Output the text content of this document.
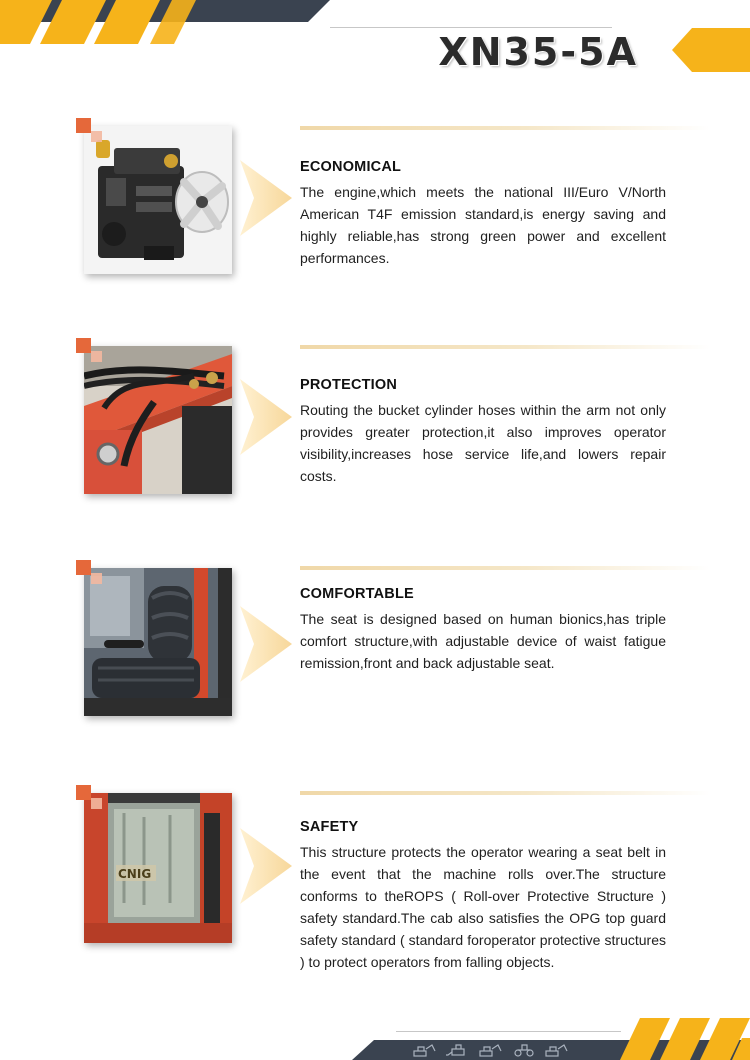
XN35-5A
ECONOMICAL
The engine,which meets the national III/Euro V/North American T4F emission standard,is energy saving and highly reliable,has strong green power and excellent performances.
PROTECTION
Routing the bucket cylinder hoses within the arm not only provides greater protection,it also improves operator visibility,increases hose service life,and lowers repair costs.
COMFORTABLE
The seat is designed based on human bionics,has triple comfort structure,with adjustable device of waist fatigue remission,front and back adjustable seat.
CNIG
SAFETY
This structure protects the operator wearing a seat belt in the event that the machine rolls over.The structure conforms to theROPS ( Roll-over Protective Structure ) safety standard.The cab also satisfies the OPG top guard safety standard ( standard foroperator protective structures ) to protect operators from falling objects.
